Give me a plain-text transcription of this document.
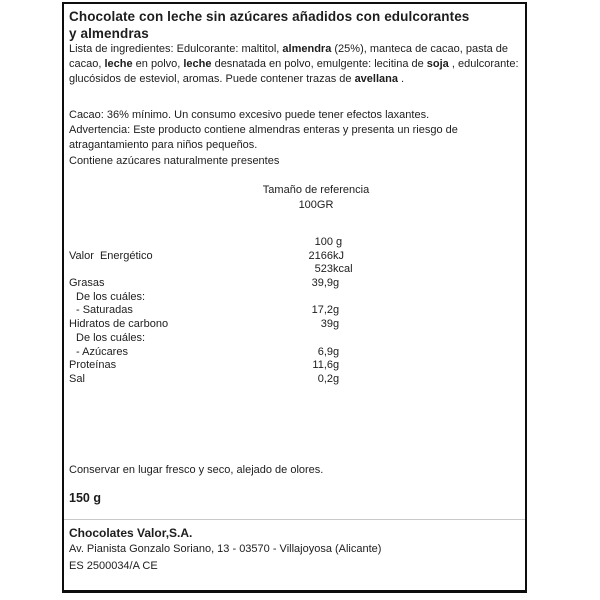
Chocolate con leche sin azúcares añadidos con edulcorantes
y almendras

Lista de ingredientes: Edulcorante: maltitol, almendra (25%), manteca de cacao, pasta de cacao, leche en polvo, leche desnatada en polvo, emulgente: lecitina de soja , edulcorante: glucósidos de esteviol, aromas. Puede contener trazas de avellana .

Cacao: 36% mínimo. Un consumo excesivo puede tener efectos laxantes.

Advertencia: Este producto contiene almendras enteras y presenta un riesgo de atragantamiento para niños pequeños.

Contiene azúcares naturalmente presentes

Tamaño de referencia
100GR
100 g
Valor  Energético	2166kJ
523kcal
Grasas	39,9g
De los cuáles:
- Saturadas	17,2g
Hidratos de carbono	39g
De los cuáles:
- Azúcares	6,9g
Proteínas	11,6g
Sal	0,2g

Conservar en lugar fresco y seco, alejado de olores.

150 g
Chocolates Valor,S.A.
Av. Pianista Gonzalo Soriano, 13 - 03570 - Villajoyosa (Alicante)
ES 2500034/A CE
